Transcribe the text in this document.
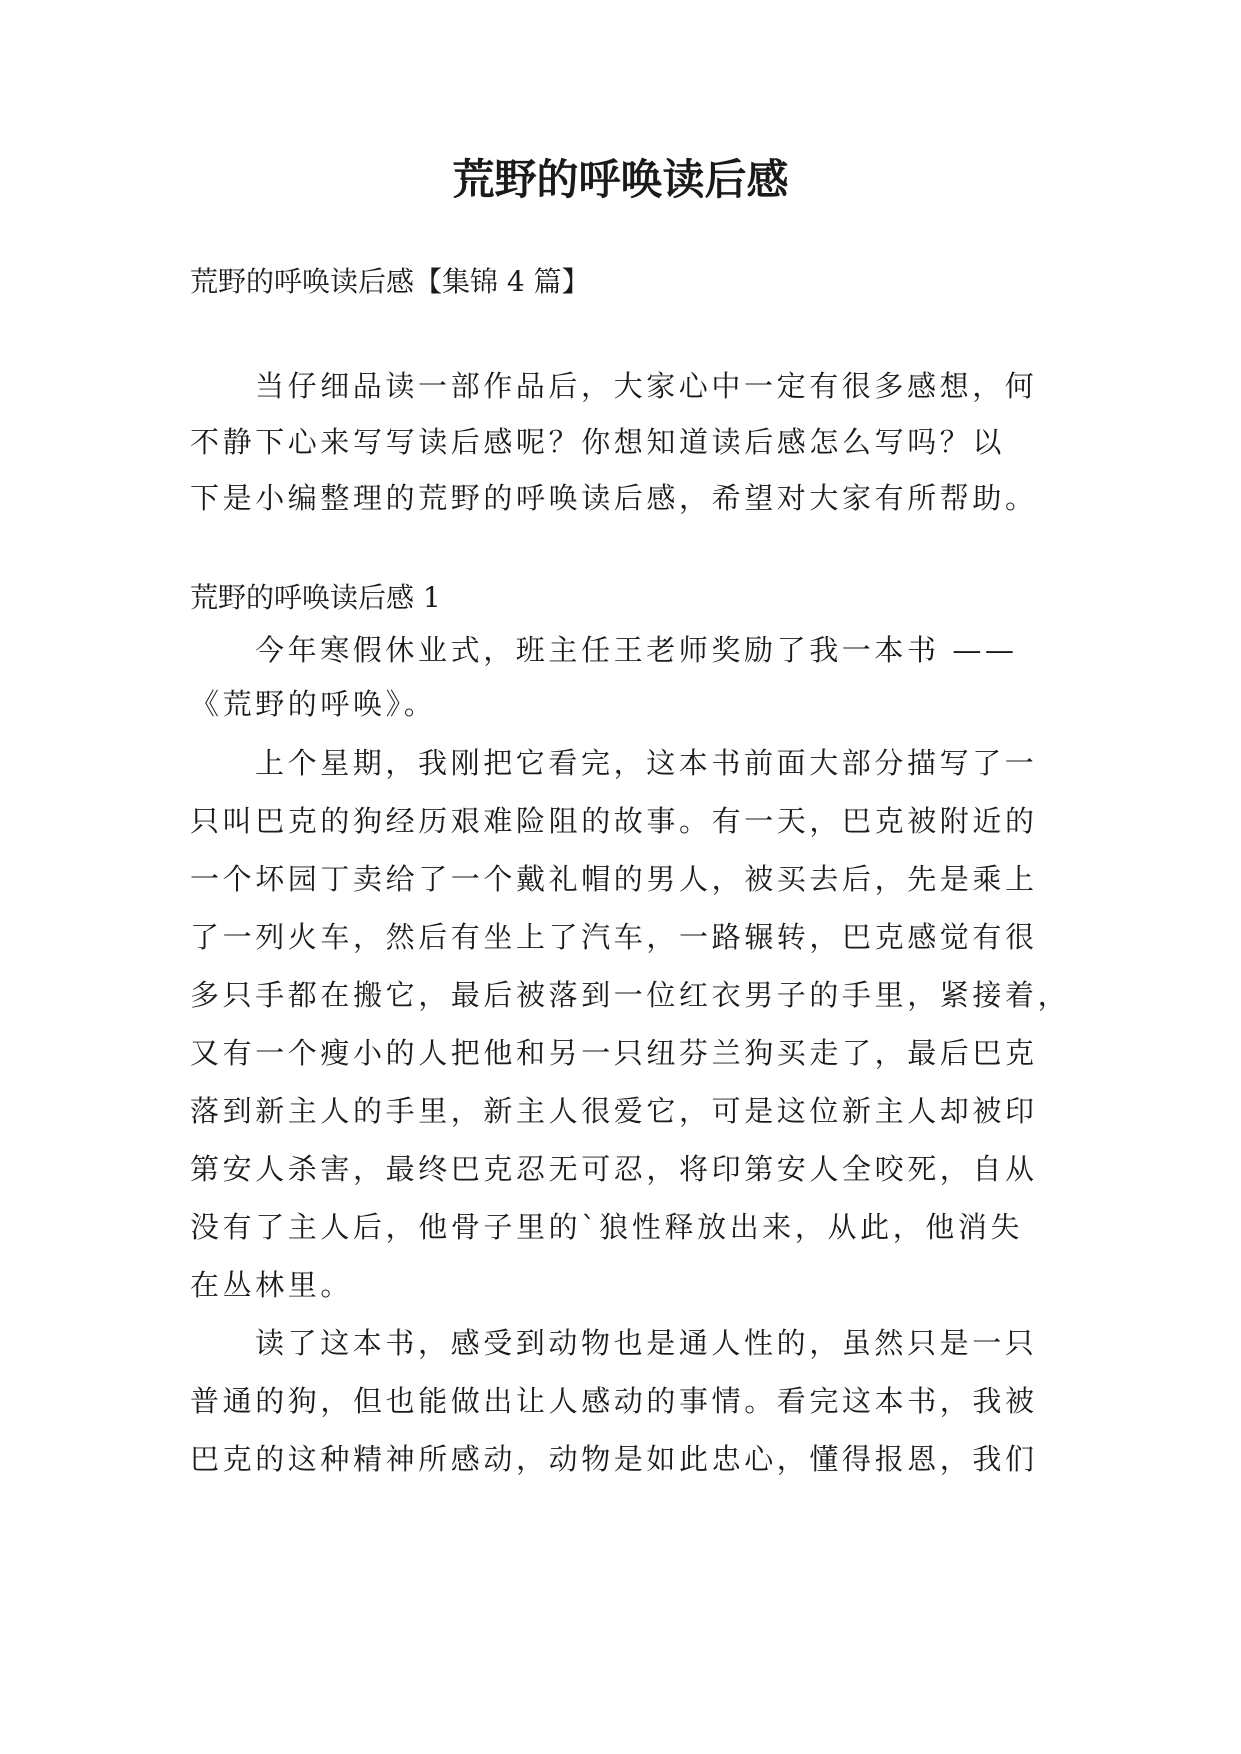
荒野的呼唤读后感

荒野的呼唤读后感【集锦 4 篇】

当仔细品读一部作品后，大家心中一定有很多感想，何

不静下心来写写读后感呢？你想知道读后感怎么写吗？以

下是小编整理的荒野的呼唤读后感，希望对大家有所帮助。

荒野的呼唤读后感 1

今年寒假休业式，班主任王老师奖励了我一本书 ——

《荒野的呼唤》。

上个星期，我刚把它看完，这本书前面大部分描写了一

只叫巴克的狗经历艰难险阻的故事。有一天，巴克被附近的

一个坏园丁卖给了一个戴礼帽的男人，被买去后，先是乘上

了一列火车，然后有坐上了汽车，一路辗转，巴克感觉有很

多只手都在搬它，最后被落到一位红衣男子的手里，紧接着，

又有一个瘦小的人把他和另一只纽芬兰狗买走了，最后巴克

落到新主人的手里，新主人很爱它，可是这位新主人却被印

第安人杀害，最终巴克忍无可忍，将印第安人全咬死，自从

没有了主人后，他骨子里的`狼性释放出来，从此，他消失

在丛林里。

读了这本书，感受到动物也是通人性的，虽然只是一只

普通的狗，但也能做出让人感动的事情。看完这本书，我被

巴克的这种精神所感动，动物是如此忠心，懂得报恩，我们
